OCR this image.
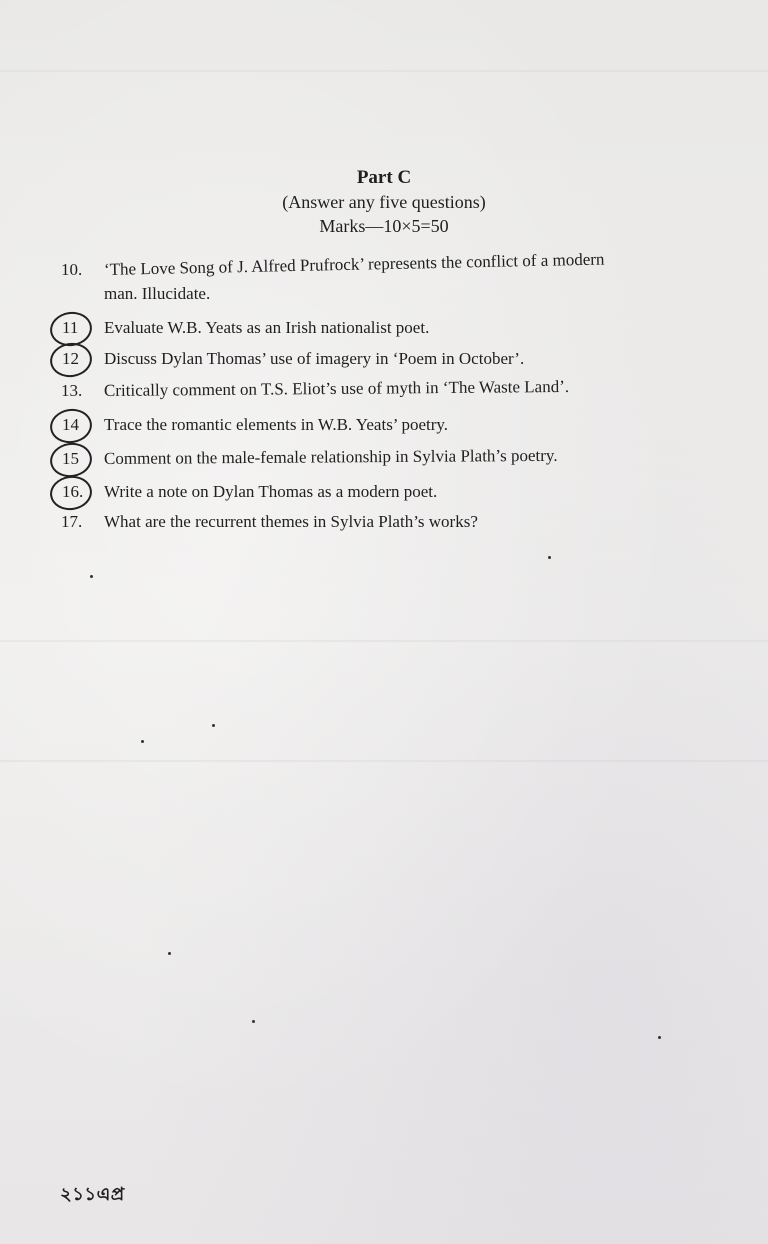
Part C
(Answer any five questions)
Marks—10×5=50
10. ‘The Love Song of J. Alfred Prufrock’ represents the conflict of a modern
man. Illucidate.
11 Evaluate W.B. Yeats as an Irish nationalist poet.
12 Discuss Dylan Thomas’ use of imagery in ‘Poem in October’.
13. Critically comment on T.S. Eliot’s use of myth in ‘The Waste Land’.
14 Trace the romantic elements in W.B. Yeats’ poetry.
15 Comment on the male-female relationship in Sylvia Plath’s poetry.
16. Write a note on Dylan Thomas as a modern poet.
17. What are the recurrent themes in Sylvia Plath’s works?
২১১এপ্র
